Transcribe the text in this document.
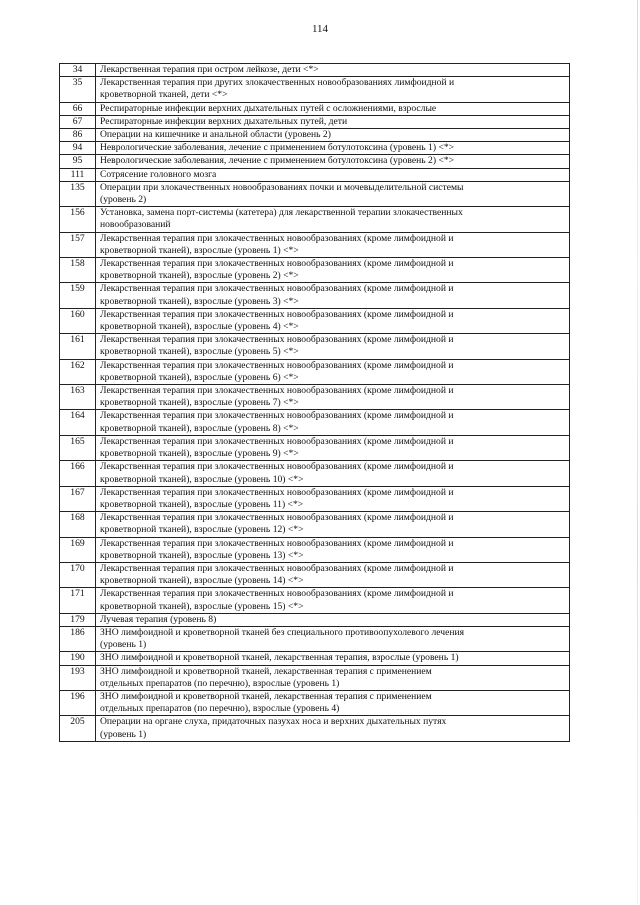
114
34	Лекарственная терапия при остром лейкозе, дети <*>

35	Лекарственная терапия при других злокачественных новообразованиях лимфоидной и
кроветворной тканей, дети <*>

66	Респираторные инфекции верхних дыхательных путей с осложнениями, взрослые

67	Респираторные инфекции верхних дыхательных путей, дети

86	Операции на кишечнике и анальной области (уровень 2)

94	Неврологические заболевания, лечение с применением ботулотоксина (уровень 1) <*>

95	Неврологические заболевания, лечение с применением ботулотоксина (уровень 2) <*>

111	Сотрясение головного мозга

135	Операции при злокачественных новообразованиях почки и мочевыделительной системы
(уровень 2)

156	Установка, замена порт-системы (катетера) для лекарственной терапии злокачественных
новообразований

157	Лекарственная терапия при злокачественных новообразованиях (кроме лимфоидной и
кроветворной тканей), взрослые (уровень 1) <*>

158	Лекарственная терапия при злокачественных новообразованиях (кроме лимфоидной и
кроветворной тканей), взрослые (уровень 2) <*>

159	Лекарственная терапия при злокачественных новообразованиях (кроме лимфоидной и
кроветворной тканей), взрослые (уровень 3) <*>

160	Лекарственная терапия при злокачественных новообразованиях (кроме лимфоидной и
кроветворной тканей), взрослые (уровень 4) <*>

161	Лекарственная терапия при злокачественных новообразованиях (кроме лимфоидной и
кроветворной тканей), взрослые (уровень 5) <*>

162	Лекарственная терапия при злокачественных новообразованиях (кроме лимфоидной и
кроветворной тканей), взрослые (уровень 6) <*>

163	Лекарственная терапия при злокачественных новообразованиях (кроме лимфоидной и
кроветворной тканей), взрослые (уровень 7) <*>

164	Лекарственная терапия при злокачественных новообразованиях (кроме лимфоидной и
кроветворной тканей), взрослые (уровень 8) <*>

165	Лекарственная терапия при злокачественных новообразованиях (кроме лимфоидной и
кроветворной тканей), взрослые (уровень 9) <*>

166	Лекарственная терапия при злокачественных новообразованиях (кроме лимфоидной и
кроветворной тканей), взрослые (уровень 10) <*>

167	Лекарственная терапия при злокачественных новообразованиях (кроме лимфоидной и
кроветворной тканей), взрослые (уровень 11) <*>

168	Лекарственная терапия при злокачественных новообразованиях (кроме лимфоидной и
кроветворной тканей), взрослые (уровень 12) <*>

169	Лекарственная терапия при злокачественных новообразованиях (кроме лимфоидной и
кроветворной тканей), взрослые (уровень 13) <*>

170	Лекарственная терапия при злокачественных новообразованиях (кроме лимфоидной и
кроветворной тканей), взрослые (уровень 14) <*>

171	Лекарственная терапия при злокачественных новообразованиях (кроме лимфоидной и
кроветворной тканей), взрослые (уровень 15) <*>

179	Лучевая терапия (уровень 8)

186	ЗНО лимфоидной и кроветворной тканей без специального противоопухолевого лечения
(уровень 1)

190	ЗНО лимфоидной и кроветворной тканей, лекарственная терапия, взрослые (уровень 1)

193	ЗНО лимфоидной и кроветворной тканей, лекарственная терапия с применением
отдельных препаратов (по перечню), взрослые (уровень 1)

196	ЗНО лимфоидной и кроветворной тканей, лекарственная терапия с применением
отдельных препаратов (по перечню), взрослые (уровень 4)

205	Операции на органе слуха, придаточных пазухах носа и верхних дыхательных путях
(уровень 1)
